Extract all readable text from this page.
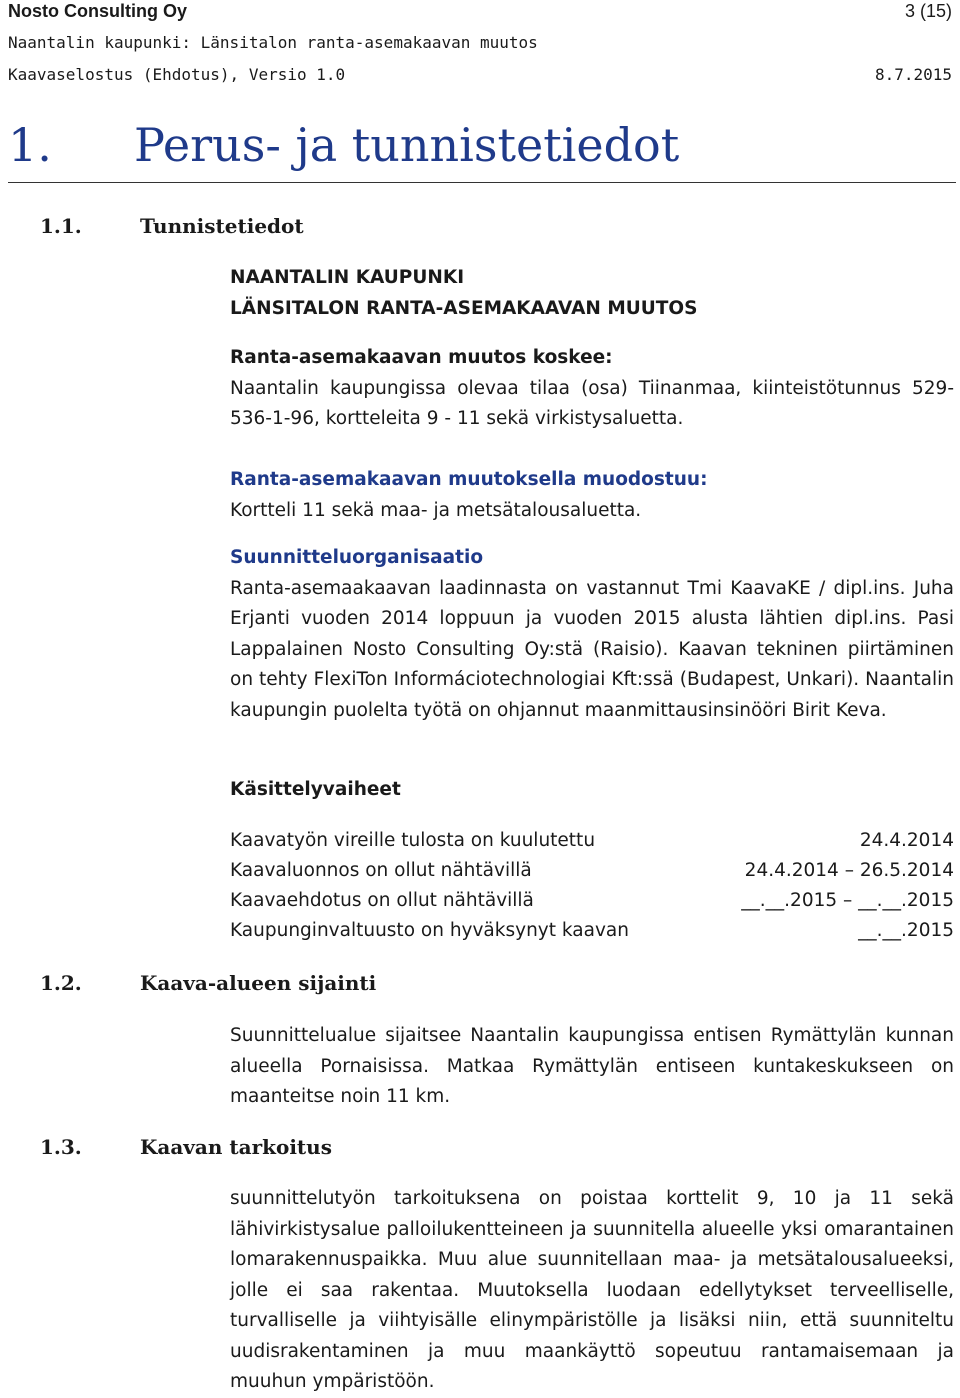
Nosto Consulting Oy	3 (15)
Naantalin kaupunki: Länsitalon ranta-asemakaavan muutos
Kaavaselostus (Ehdotus), Versio 1.0	8.7.2015
1. Perus- ja tunnistetiedot
1.1.	Tunnistetiedot

NAANTALIN KAUPUNKI

LÄNSITALON RANTA-ASEMAKAAVAN MUUTOS

Ranta-asemakaavan muutos koskee:

Naantalin kaupungissa olevaa tilaa (osa) Tiinanmaa, kiinteistötunnus 529-536-1-96, kortteleita 9 - 11 sekä virkistysaluetta.

Ranta-asemakaavan muutoksella muodostuu:

Kortteli 11 sekä maa- ja metsätalousaluetta.

Suunnitteluorganisaatio

Ranta-asemaakaavan laadinnasta on vastannut Tmi KaavaKE / dipl.ins. Juha Erjanti vuoden 2014 loppuun ja vuoden 2015 alusta lähtien dipl.ins. Pasi Lappalainen Nosto Consulting Oy:stä (Raisio). Kaavan tekninen piirtäminen on tehty FlexiTon Informáciotechnologiai Kft:ssä (Budapest, Unkari). Naantalin kaupungin puolelta työtä on ohjannut maanmittausinsinööri Birit Keva.

Käsittelyvaiheet

Kaavatyön vireille tulosta on kuulutettu	24.4.2014
Kaavaluonnos on ollut nähtävillä	24.4.2014 – 26.5.2014
Kaavaehdotus on ollut nähtävillä	__.__.2015 – __.__.2015
Kaupunginvaltuusto on hyväksynyt kaavan	__.__.2015
1.2.	Kaava-alueen sijainti

Suunnittelualue sijaitsee Naantalin kaupungissa entisen Rymättylän kunnan alueella Pornaisissa. Matkaa Rymättylän entiseen kuntakeskukseen on maanteitse noin 11 km.

1.3.	Kaavan tarkoitus

suunnittelutyön tarkoituksena on poistaa korttelit 9, 10 ja 11 sekä lähivirkistysalue palloilukentteineen ja suunnitella alueelle yksi omarantainen lomarakennuspaikka. Muu alue suunnitellaan maa- ja metsätalousalueeksi, jolle ei saa rakentaa. Muutoksella luodaan edellytykset terveelliselle, turvalliselle ja viihtyisälle elinympäristölle ja lisäksi niin, että suunniteltu uudisrakentaminen ja muu maankäyttö sopeutuu rantamaisemaan ja muuhun ympäristöön.
